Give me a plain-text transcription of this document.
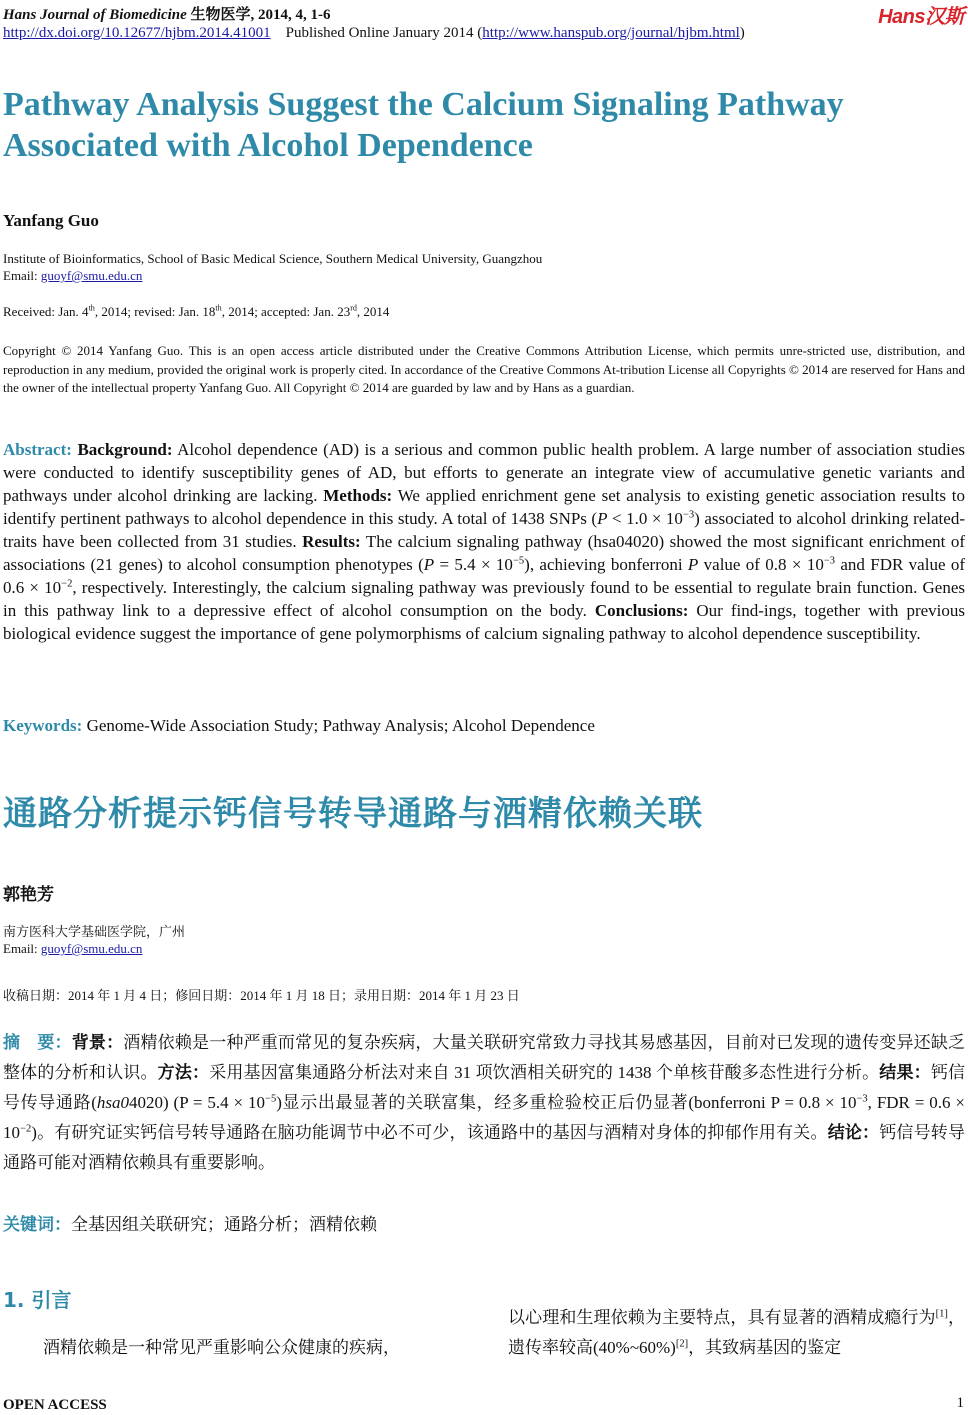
Hans Journal of Biomedicine 生物医学, 2014, 4, 1-6	Hans汉斯
http://dx.doi.org/10.12677/hjbm.2014.41001 Published Online January 2014 (http://www.hanspub.org/journal/hjbm.html)
Pathway Analysis Suggest the Calcium Signaling Pathway Associated with Alcohol Dependence
Yanfang Guo
Institute of Bioinformatics, School of Basic Medical Science, Southern Medical University, Guangzhou
Email: guoyf@smu.edu.cn
Received: Jan. 4th, 2014; revised: Jan. 18th, 2014; accepted: Jan. 23rd, 2014
Copyright © 2014 Yanfang Guo. This is an open access article distributed under the Creative Commons Attribution License, which permits unre-stricted use, distribution, and reproduction in any medium, provided the original work is properly cited. In accordance of the Creative Commons At-tribution License all Copyrights © 2014 are reserved for Hans and the owner of the intellectual property Yanfang Guo. All Copyright © 2014 are guarded by law and by Hans as a guardian.
Abstract: Background: Alcohol dependence (AD) is a serious and common public health problem. A large number of association studies were conducted to identify susceptibility genes of AD, but efforts to generate an integrate view of accumulative genetic variants and pathways under alcohol drinking are lacking. Methods: We applied enrichment gene set analysis to existing genetic association results to identify pertinent pathways to alcohol dependence in this study. A total of 1438 SNPs $(P < 1.0 \times 10^{-3})$ associated to alcohol drinking related-traits have been collected from 31 studies. Results: The calcium signaling pathway (hsa04020) showed the most significant enrichment of associations (21 genes) to alcohol consumption phenotypes $(P = 5.4 \times 10^{-5})$, achieving bonferroni P value of $0.8 \times 10^{-3}$ and FDR value of $0.6 \times 10^{-2}$, respectively. Interestingly, the calcium signaling pathway was previously found to be essential to regulate brain function. Genes in this pathway link to a depressive effect of alcohol consumption on the body. Conclusions: Our find-ings, together with previous biological evidence suggest the importance of gene polymorphisms of calcium signaling pathway to alcohol dependence susceptibility.
Keywords: Genome-Wide Association Study; Pathway Analysis; Alcohol Dependence
通路分析提示钙信号转导通路与酒精依赖关联
郭艳芳
南方医科大学基础医学院，广州
Email: guoyf@smu.edu.cn
收稿日期：2014 年 1 月 4 日；修回日期：2014 年 1 月 18 日；录用日期：2014 年 1 月 23 日
摘　要：背景：酒精依赖是一种严重而常见的复杂疾病，大量关联研究常致力寻找其易感基因，目前对已发现的遗传变异还缺乏整体的分析和认识。方法：采用基因富集通路分析法对来自 31 项饮酒相关研究的 1438 个单核苷酸多态性进行分析。结果：钙信号传导通路(hsa04020) $(P = 5.4 \times 10^{-5})$显示出最显著的关联富集，经多重检验校正后仍显著(bonferroni $P = 0.8 \times 10^{-3}$, FDR = $0.6 \times 10^{-2}$)。有研究证实钙信号转导通路在脑功能调节中必不可少，该通路中的基因与酒精对身体的抑郁作用有关。结论：钙信号转导通路可能对酒精依赖具有重要影响。
关键词：全基因组关联研究；通路分析；酒精依赖
1. 引言
酒精依赖是一种常见严重影响公众健康的疾病，
以心理和生理依赖为主要特点，具有显著的酒精成瘾行为[1]，遗传率较高(40%~60%)[2]，其致病基因的鉴定
OPEN ACCESS	1
